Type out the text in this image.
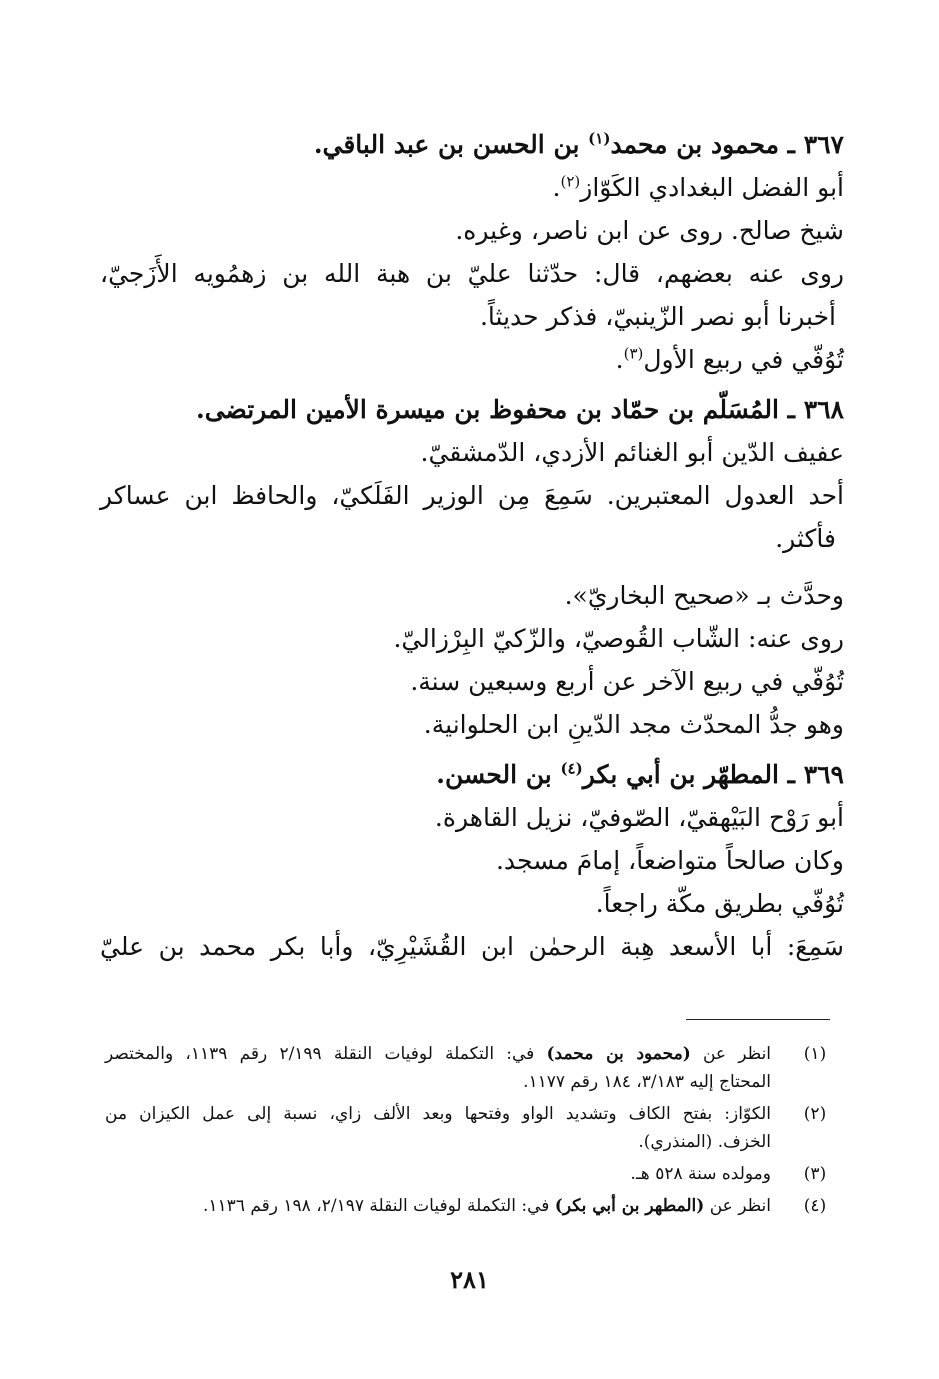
٣٦٧ ـ محمود بن محمد$^{(١)}$ بن الحسن بن عبد الباقي.
أبو الفضل البغدادي الكَوّاز$^{(٢)}$.
شيخ صالح. روى عن ابن ناصر، وغيره.
روى عنه بعضهم، قال: حدّثنا عليّ بن هبة الله بن زهمُويه الأَزَجيّ،
أخبرنا أبو نصر الزّينبيّ، فذكر حديثاً.
تُوُفّي في ربيع الأول$^{(٣)}$.
٣٦٨ ـ المُسَلّم بن حمّاد بن محفوظ بن ميسرة الأمين المرتضى.
عفيف الدّين أبو الغنائم الأزدي، الدّمشقيّ.
أحد العدول المعتبرين. سَمِعَ مِن الوزير الفَلَكيّ، والحافظ ابن عساكر
فأكثر.
وحدَّث بـ «صحيح البخاريّ».
روى عنه: الشّاب القُوصيّ، والزّكيّ البِرْزاليّ.
تُوُفّي في ربيع الآخر عن أربع وسبعين سنة.
وهو جدُّ المحدّث مجد الدّينِ ابن الحلوانية.
٣٦٩ ـ المطهّر بن أبي بكر$^{(٤)}$ بن الحسن.
أبو رَوْح البَيْهقيّ، الصّوفيّ، نزيل القاهرة.
وكان صالحاً متواضعاً، إمامَ مسجد.
تُوُفّي بطريق مكّة راجعاً.
سَمِعَ: أبا الأسعد هِبة الرحمٰن ابن القُشَيْرِيّ، وأبا بكر محمد بن عليّ
(١)
انظر عن (محمود بن محمد) في: التكملة لوفيات النقلة ٢/١٩٩ رقم ١١٣٩، والمختصر
المحتاج إليه ٣/١٨٣، ١٨٤ رقم ١١٧٧.
(٢)
الكوّاز: بفتح الكاف وتشديد الواو وفتحها وبعد الألف زاي، نسبة إلى عمل الكيزان من
الخزف. (المنذري).
(٣)
ومولده سنة ٥٢٨ هـ.
(٤)
انظر عن (المطهر بن أبي بكر) في: التكملة لوفيات النقلة ٢/١٩٧، ١٩٨ رقم ١١٣٦.
٢٨١
